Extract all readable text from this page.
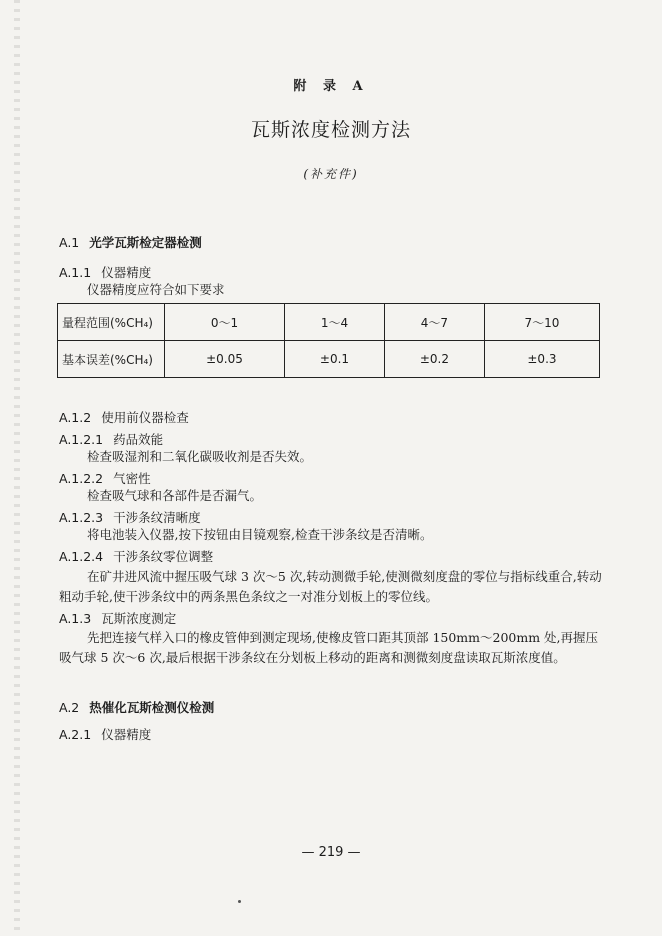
附 录 A
瓦斯浓度检测方法
(补充件)
A.1 光学瓦斯检定器检测
A.1.1 仪器精度
仪器精度应符合如下要求
量程范围(%CH₄)	0～1	1～4	4～7	7～10
基本误差(%CH₄)	±0.05	±0.1	±0.2	±0.3
A.1.2 使用前仪器检查
A.1.2.1 药品效能
检查吸湿剂和二氧化碳吸收剂是否失效。
A.1.2.2 气密性
检查吸气球和各部件是否漏气。
A.1.2.3 干涉条纹清晰度
将电池装入仪器,按下按钮由目镜观察,检查干涉条纹是否清晰。
A.1.2.4 干涉条纹零位调整
在矿井进风流中握压吸气球 3 次～5 次,转动测微手轮,使测微刻度盘的零位与指标线重合,转动粗动手轮,使干涉条纹中的两条黑色条纹之一对准分划板上的零位线。
A.1.3 瓦斯浓度测定
先把连接气样入口的橡皮管伸到测定现场,使橡皮管口距其顶部 150mm～200mm 处,再握压吸气球 5 次～6 次,最后根据干涉条纹在分划板上移动的距离和测微刻度盘读取瓦斯浓度值。
A.2 热催化瓦斯检测仪检测
A.2.1 仪器精度
— 219 —
